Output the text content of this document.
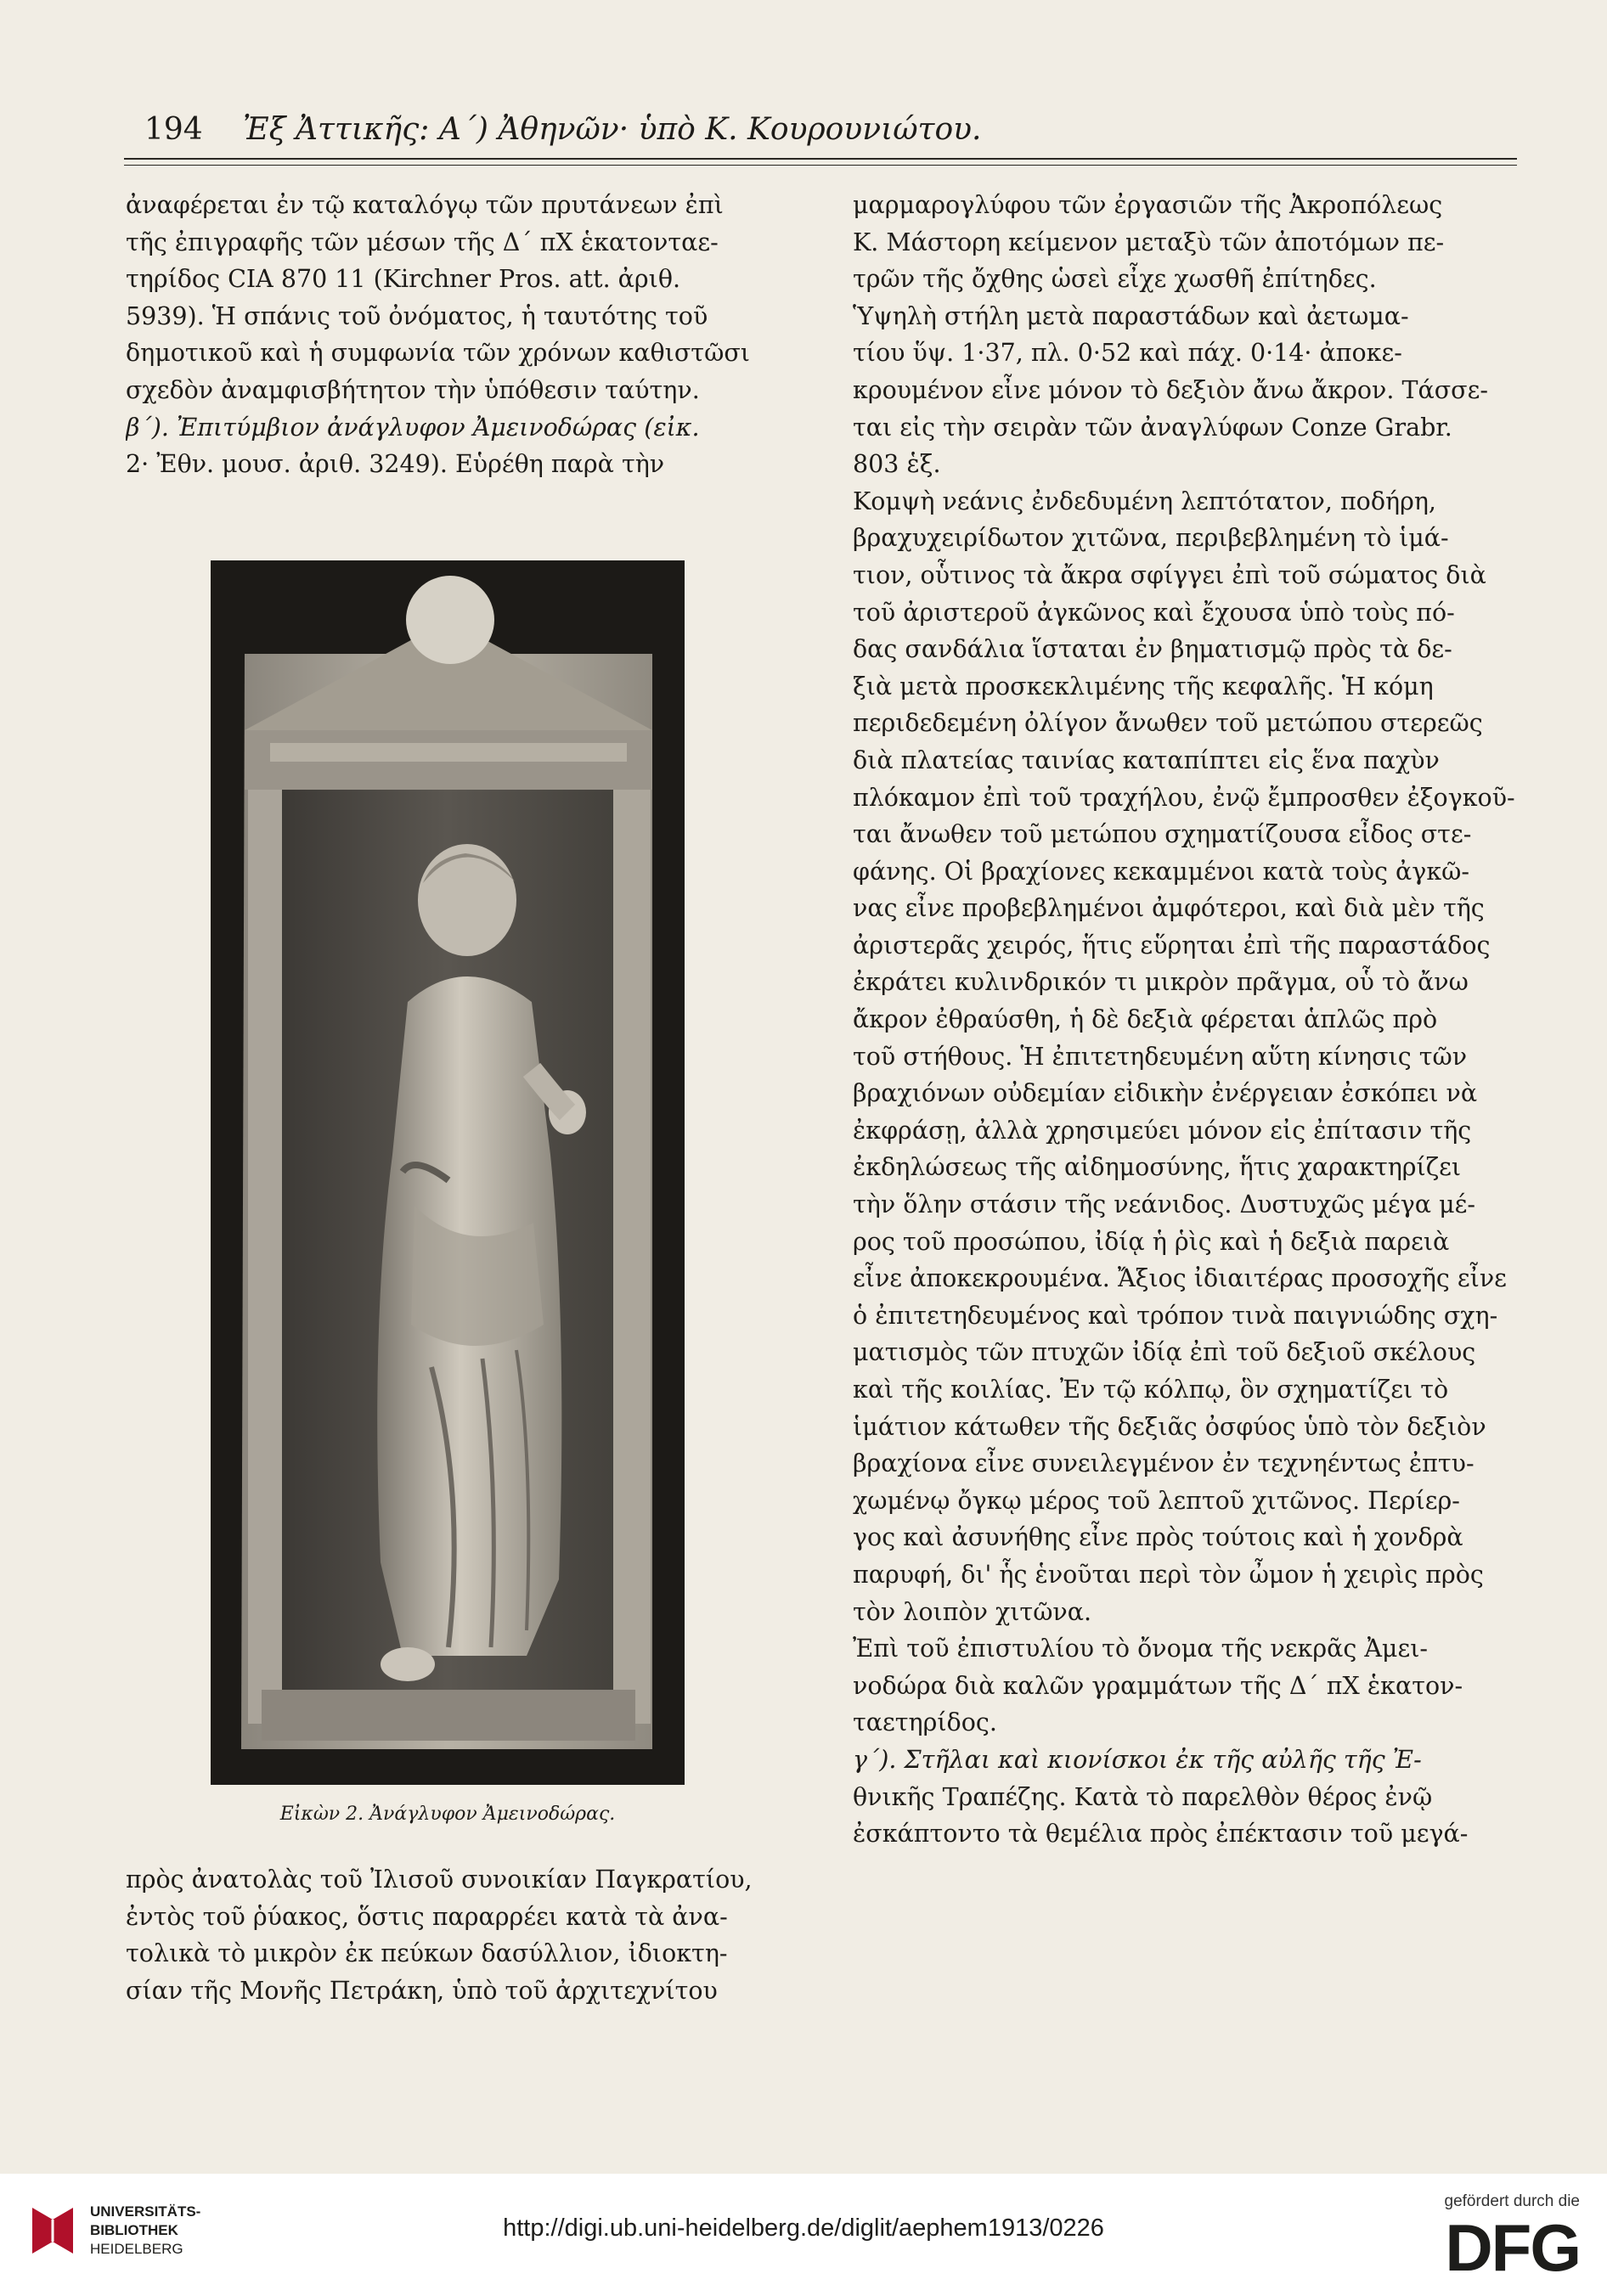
194 Ἐξ Ἀττικῆς: Α΄) Ἀθηνῶν· ὑπὸ Κ. Κουρουνιώτου.
ἀναφέρεται ἐν τῷ καταλόγῳ τῶν πρυτάνεων ἐπὶ
τῆς ἐπιγραφῆς τῶν μέσων τῆς Δ΄ πΧ ἑκατονταε-
τηρίδος CIA 870 11 (Kirchner Pros. att. ἀριθ.
5939). Ἡ σπάνις τοῦ ὀνόματος, ἡ ταυτότης τοῦ
δημοτικοῦ καὶ ἡ συμφωνία τῶν χρόνων καθιστῶσι
σχεδὸν ἀναμφισβήτητον τὴν ὑπόθεσιν ταύτην.
β΄). Ἐπιτύμβιον ἀνάγλυφον Ἀμεινοδώρας (εἰκ.
2· Ἐθν. μουσ. ἀριθ. 3249). Εὑρέθη παρὰ τὴν
Εἰκὼν 2. Ἀνάγλυφον Ἀμεινοδώρας.
μαρμαρογλύφου τῶν ἐργασιῶν τῆς Ἀκροπόλεως
Κ. Μάστορη κείμενον μεταξὺ τῶν ἀποτόμων πε-
τρῶν τῆς ὄχθης ὡσεὶ εἶχε χωσθῆ ἐπίτηδες.
Ὑψηλὴ στήλη μετὰ παραστάδων καὶ ἀετωμα-
τίου ὕψ. 1·37, πλ. 0·52 καὶ πάχ. 0·14· ἀποκε-
κρουμένον εἶνε μόνον τὸ δεξιὸν ἄνω ἄκρον. Τάσσε-
ται εἰς τὴν σειρὰν τῶν ἀναγλύφων Conze Grabr.
803 ἑξ.
Κομψὴ νεάνις ἐνδεδυμένη λεπτότατον, ποδήρη,
βραχυχειρίδωτον χιτῶνα, περιβεβλημένη τὸ ἱμά-
τιον, οὗτινος τὰ ἄκρα σφίγγει ἐπὶ τοῦ σώματος διὰ
τοῦ ἀριστεροῦ ἀγκῶνος καὶ ἔχουσα ὑπὸ τοὺς πό-
δας σανδάλια ἵσταται ἐν βηματισμῷ πρὸς τὰ δε-
ξιὰ μετὰ προσκεκλιμένης τῆς κεφαλῆς. Ἡ κόμη
περιδεδεμένη ὀλίγον ἄνωθεν τοῦ μετώπου στερεῶς
διὰ πλατείας ταινίας καταπίπτει εἰς ἕνα παχὺν
πλόκαμον ἐπὶ τοῦ τραχήλου, ἐνῷ ἔμπροσθεν ἐξογκοῦ-
ται ἄνωθεν τοῦ μετώπου σχηματίζουσα εἶδος στε-
φάνης. Οἱ βραχίονες κεκαμμένοι κατὰ τοὺς ἀγκῶ-
νας εἶνε προβεβλημένοι ἀμφότεροι, καὶ διὰ μὲν τῆς
ἀριστερᾶς χειρός, ἥτις εὕρηται ἐπὶ τῆς παραστάδος
ἐκράτει κυλινδρικόν τι μικρὸν πρᾶγμα, οὗ τὸ ἄνω
ἄκρον ἐθραύσθη, ἡ δὲ δεξιὰ φέρεται ἁπλῶς πρὸ
τοῦ στήθους. Ἡ ἐπιτετηδευμένη αὕτη κίνησις τῶν
βραχιόνων οὐδεμίαν εἰδικὴν ἐνέργειαν ἐσκόπει νὰ
ἐκφράσῃ, ἀλλὰ χρησιμεύει μόνον εἰς ἐπίτασιν τῆς
ἐκδηλώσεως τῆς αἰδημοσύνης, ἥτις χαρακτηρίζει
τὴν ὅλην στάσιν τῆς νεάνιδος. Δυστυχῶς μέγα μέ-
ρος τοῦ προσώπου, ἰδίᾳ ἡ ῥὶς καὶ ἡ δεξιὰ παρειὰ
εἶνε ἀποκεκρουμένα. Ἄξιος ἰδιαιτέρας προσοχῆς εἶνε
ὁ ἐπιτετηδευμένος καὶ τρόπον τινὰ παιγνιώδης σχη-
ματισμὸς τῶν πτυχῶν ἰδίᾳ ἐπὶ τοῦ δεξιοῦ σκέλους
καὶ τῆς κοιλίας. Ἐν τῷ κόλπῳ, ὃν σχηματίζει τὸ
ἱμάτιον κάτωθεν τῆς δεξιᾶς ὀσφύος ὑπὸ τὸν δεξιὸν
βραχίονα εἶνε συνειλεγμένον ἐν τεχνηέντως ἐπτυ-
χωμένῳ ὄγκῳ μέρος τοῦ λεπτοῦ χιτῶνος. Περίερ-
γος καὶ ἀσυνήθης εἶνε πρὸς τούτοις καὶ ἡ χονδρὰ
παρυφή, δι' ἧς ἑνοῦται περὶ τὸν ὦμον ἡ χειρὶς πρὸς
τὸν λοιπὸν χιτῶνα.
Ἐπὶ τοῦ ἐπιστυλίου τὸ ὄνομα τῆς νεκρᾶς Ἀμει-
νοδώρα διὰ καλῶν γραμμάτων τῆς Δ΄ πΧ ἑκατον-
ταετηρίδος.
γ΄). Στῆλαι καὶ κιονίσκοι ἐκ τῆς αὐλῆς τῆς Ἐ-
θνικῆς Τραπέζης. Κατὰ τὸ παρελθὸν θέρος ἐνῷ
ἐσκάπτοντο τὰ θεμέλια πρὸς ἐπέκτασιν τοῦ μεγά-
πρὸς ἀνατολὰς τοῦ Ἰλισοῦ συνοικίαν Παγκρατίου,
ἐντὸς τοῦ ῥύακος, ὅστις παραρρέει κατὰ τὰ ἀνα-
τολικὰ τὸ μικρὸν ἐκ πεύκων δασύλλιον, ἰδιοκτη-
σίαν τῆς Μονῆς Πετράκη, ὑπὸ τοῦ ἀρχιτεχνίτου
UNIVERSITÄTS-
BIBLIOTHEK
HEIDELBERG
http://digi.ub.uni-heidelberg.de/diglit/aephem1913/0226
gefördert durch die
DFG
